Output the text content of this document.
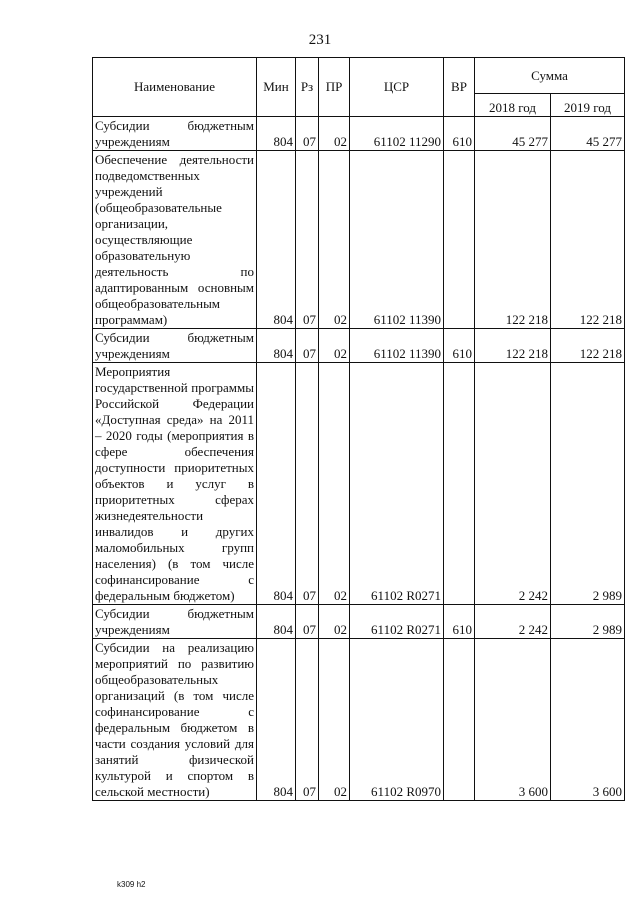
231
Наименование	Мин	Рз	ПР	ЦСР	ВР	Сумма	
						2018 год	2019 год
Субсидии бюджетным учреждениям	804	07	02	61102 11290	610	45 277	45 277
Обеспечение деятельности подведомственных учреждений (общеобразовательные организации, осуществляющие образовательную деятельность по адаптированным основным общеобразовательным программам)	804	07	02	61102 11390		122 218	122 218
Субсидии бюджетным учреждениям	804	07	02	61102 11390	610	122 218	122 218
Мероприятия государственной программы Российской Федерации «Доступная среда» на 2011 – 2020 годы (мероприятия в сфере обеспечения доступности приоритетных объектов и услуг в приоритетных сферах жизнедеятельности инвалидов и других маломобильных групп населения) (в том числе софинансирование с федеральным бюджетом)	804	07	02	61102 R0271		2 242	2 989
Субсидии бюджетным учреждениям	804	07	02	61102 R0271	610	2 242	2 989
Субсидии на реализацию мероприятий по развитию общеобразовательных организаций (в том числе софинансирование с федеральным бюджетом в части создания условий для занятий физической культурой и спортом в сельской местности)	804	07	02	61102 R0970		3 600	3 600
k309 h2
